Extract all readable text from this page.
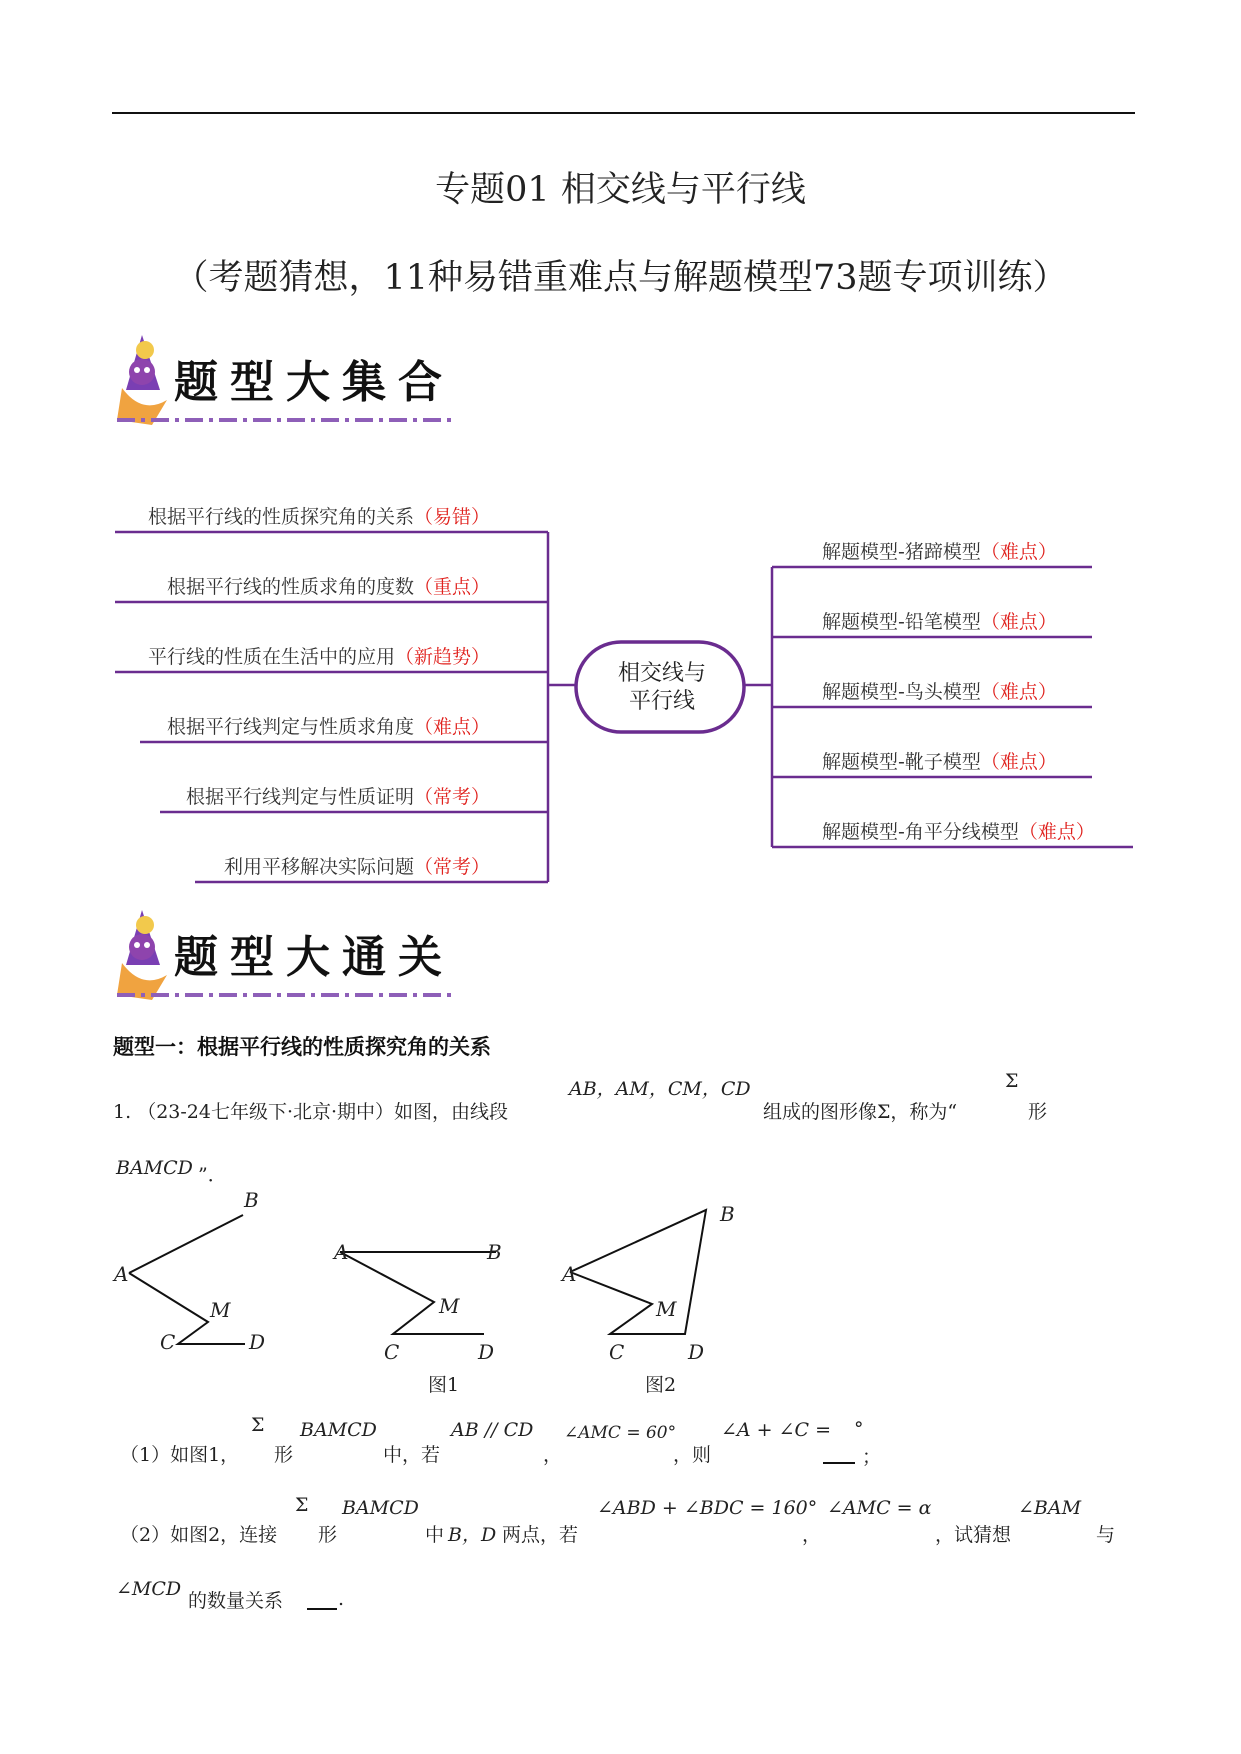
专题01 相交线与平行线
（考题猜想，11种易错重难点与解题模型73题专项训练）
题型大集合
相交线与
平行线
根据平行线的性质探究角的关系（易错）
根据平行线的性质求角的度数（重点）
平行线的性质在生活中的应用（新趋势）
根据平行线判定与性质求角度（难点）
根据平行线判定与性质证明（常考）
利用平移解决实际问题（常考）
解题模型-猪蹄模型（难点）
解题模型-铅笔模型（难点）
解题模型-鸟头模型（难点）
解题模型-靴子模型（难点）
解题模型-角平分线模型（难点）
题型大通关
题型一：根据平行线的性质探究角的关系
1. （23-24七年级下·北京·期中）如图，由线段
AB，AM，CM，CD
组成的图形像Σ，称为“
Σ
形
BAMCD ”．
B
A
M
C	D
A	B
M
C	D
图1
A
B
M
C	D
图2
（1）如图1，
Σ
形
BAMCD
中，若
AB // CD
，
∠AMC = 60°
，则
∠A + ∠C = °
；
（2）如图2，连接
Σ
形
BAMCD
中 B，D 两点，若
∠ABD + ∠BDC = 160°
，
∠AMC = α
，试猜想
∠BAM
与
∠MCD
的数量关系	.
